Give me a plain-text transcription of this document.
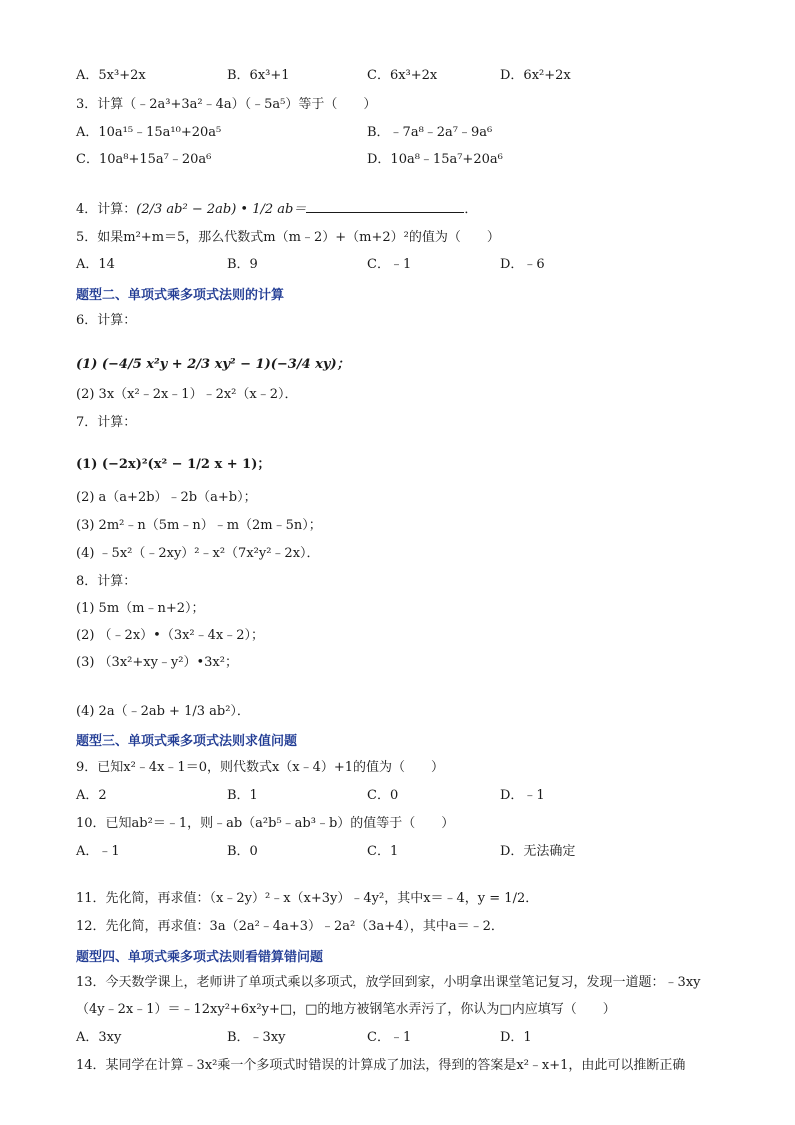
A．5x³+2x	B．6x³+1	C．6x³+2x	D．6x²+2x
3．计算（﹣2a³+3a²﹣4a）（﹣5a⁵）等于（　　）
A．10a¹⁵﹣15a¹⁰+20a⁵	B．﹣7a⁸﹣2a⁷﹣9a⁶
C．10a⁸+15a⁷﹣20a⁶	D．10a⁸﹣15a⁷+20a⁶
4．计算：(2/3 ab² − 2ab) • 1/2 ab＝	．
5．如果m²+m＝5，那么代数式m（m﹣2）+（m+2）²的值为（　　）
A．14	B．9	C．﹣1	D．﹣6
题型二、单项式乘多项式法则的计算
6．计算：
(1) (−4/5 x²y + 2/3 xy² − 1)(−3/4 xy)；
(2) 3x（x²﹣2x﹣1）﹣2x²（x﹣2）．
7．计算：
(1) (−2x)²(x² − 1/2 x + 1)；
(2) a（a+2b）﹣2b（a+b）；
(3) 2m²﹣n（5m﹣n）﹣m（2m﹣5n）；
(4) ﹣5x²（﹣2xy）²﹣x²（7x²y²﹣2x）．
8．计算：
(1) 5m（m﹣n+2）；
(2) （﹣2x）•（3x²﹣4x﹣2）；
(3) （3x²+xy﹣y²）•3x²；
(4) 2a（﹣2ab + 1/3 ab²）．
题型三、单项式乘多项式法则求值问题
9．已知x²﹣4x﹣1＝0，则代数式x（x﹣4）+1的值为（　　）
A．2	B．1	C．0	D．﹣1
10．已知ab²＝﹣1，则﹣ab（a²b⁵﹣ab³﹣b）的值等于（　　）
A．﹣1	B．0	C．1	D．无法确定
11．先化简，再求值：（x﹣2y）²﹣x（x+3y）﹣4y²，其中x＝﹣4，y = 1/2．
12．先化简，再求值：3a（2a²﹣4a+3）﹣2a²（3a+4），其中a＝﹣2．
题型四、单项式乘多项式法则看错算错问题
13．今天数学课上，老师讲了单项式乘以多项式，放学回到家，小明拿出课堂笔记复习，发现一道题：﹣3xy
（4y﹣2x﹣1）＝﹣12xy²+6x²y+□，□的地方被钢笔水弄污了，你认为□内应填写（　　）
A．3xy	B．﹣3xy	C．﹣1	D．1
14．某同学在计算﹣3x²乘一个多项式时错误的计算成了加法，得到的答案是x²﹣x+1，由此可以推断正确
